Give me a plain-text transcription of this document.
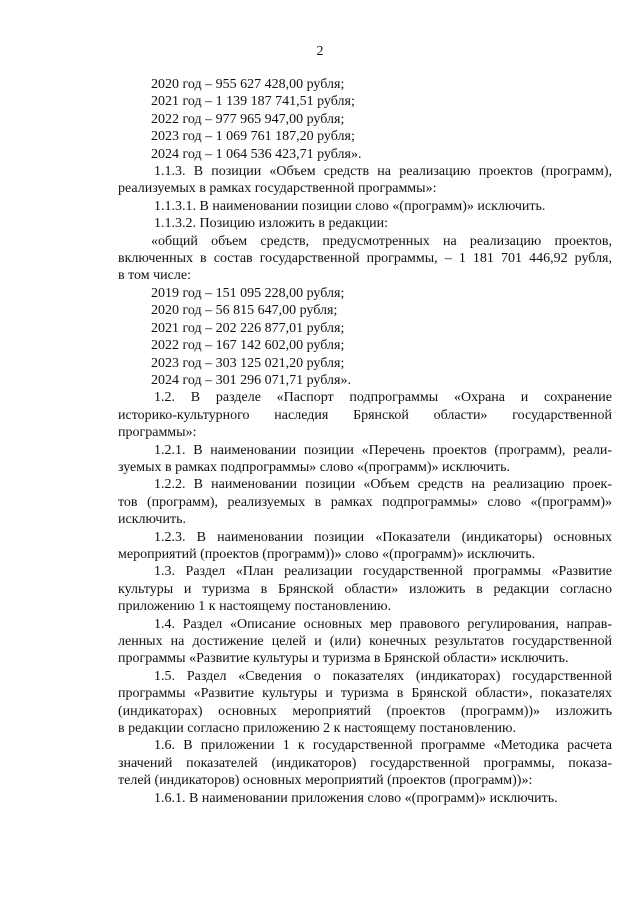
2
2020 год – 955 627 428,00 рубля;
2021 год – 1 139 187 741,51 рубля;
2022 год – 977 965 947,00 рубля;
2023 год – 1 069 761 187,20 рубля;
2024 год – 1 064 536 423,71 рубля».
1.1.3. В позиции «Объем средств на реализацию проектов (программ),
реализуемых в рамках государственной программы»:
1.1.3.1. В наименовании позиции слово «(программ)» исключить.
1.1.3.2. Позицию изложить в редакции:
«общий объем средств, предусмотренных на реализацию проектов,
включенных в состав государственной программы, – 1 181 701 446,92 рубля,
в том числе:
2019 год – 151 095 228,00 рубля;
2020 год – 56 815 647,00 рубля;
2021 год – 202 226 877,01 рубля;
2022 год – 167 142 602,00 рубля;
2023 год – 303 125 021,20 рубля;
2024 год – 301 296 071,71 рубля».
1.2. В разделе «Паспорт подпрограммы «Охрана и сохранение
историко-культурного наследия Брянской области» государственной
программы»:
1.2.1. В наименовании позиции «Перечень проектов (программ), реали-
зуемых в рамках подпрограммы» слово «(программ)» исключить.
1.2.2. В наименовании позиции «Объем средств на реализацию проек-
тов (программ), реализуемых в рамках подпрограммы» слово «(программ)»
исключить.
1.2.3. В наименовании позиции «Показатели (индикаторы) основных
мероприятий (проектов (программ))» слово «(программ)» исключить.
1.3. Раздел «План реализации государственной программы «Развитие
культуры и туризма в Брянской области» изложить в редакции согласно
приложению 1 к настоящему постановлению.
1.4. Раздел «Описание основных мер правового регулирования, направ-
ленных на достижение целей и (или) конечных результатов государственной
программы «Развитие культуры и туризма в Брянской области» исключить.
1.5. Раздел «Сведения о показателях (индикаторах) государственной
программы «Развитие культуры и туризма в Брянской области», показателях
(индикаторах) основных мероприятий (проектов (программ))» изложить
в редакции согласно приложению 2 к настоящему постановлению.
1.6. В приложении 1 к государственной программе «Методика расчета
значений показателей (индикаторов) государственной программы, показа-
телей (индикаторов) основных мероприятий (проектов (программ))»:
1.6.1. В наименовании приложения слово «(программ)» исключить.
